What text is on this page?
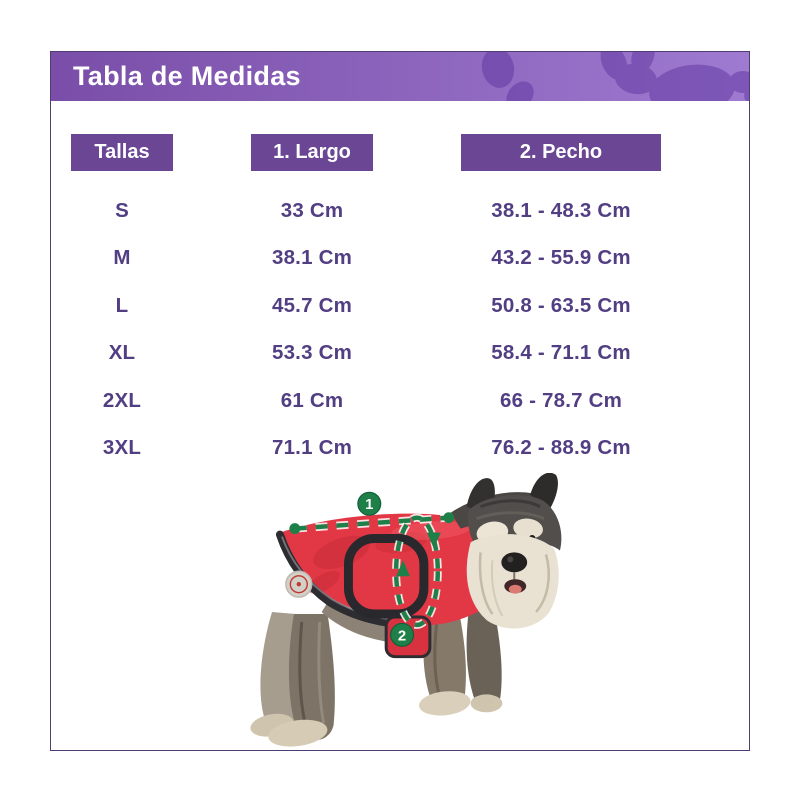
Tabla de Medidas
Tallas	1. Largo	2. Pecho
S	33 Cm	38.1 - 48.3 Cm
M	38.1 Cm	43.2 - 55.9 Cm
L	45.7 Cm	50.8 - 63.5 Cm
XL	53.3 Cm	58.4 - 71.1 Cm
2XL	61 Cm	66 - 78.7 Cm
3XL	71.1 Cm	76.2 - 88.9 Cm
1
2
